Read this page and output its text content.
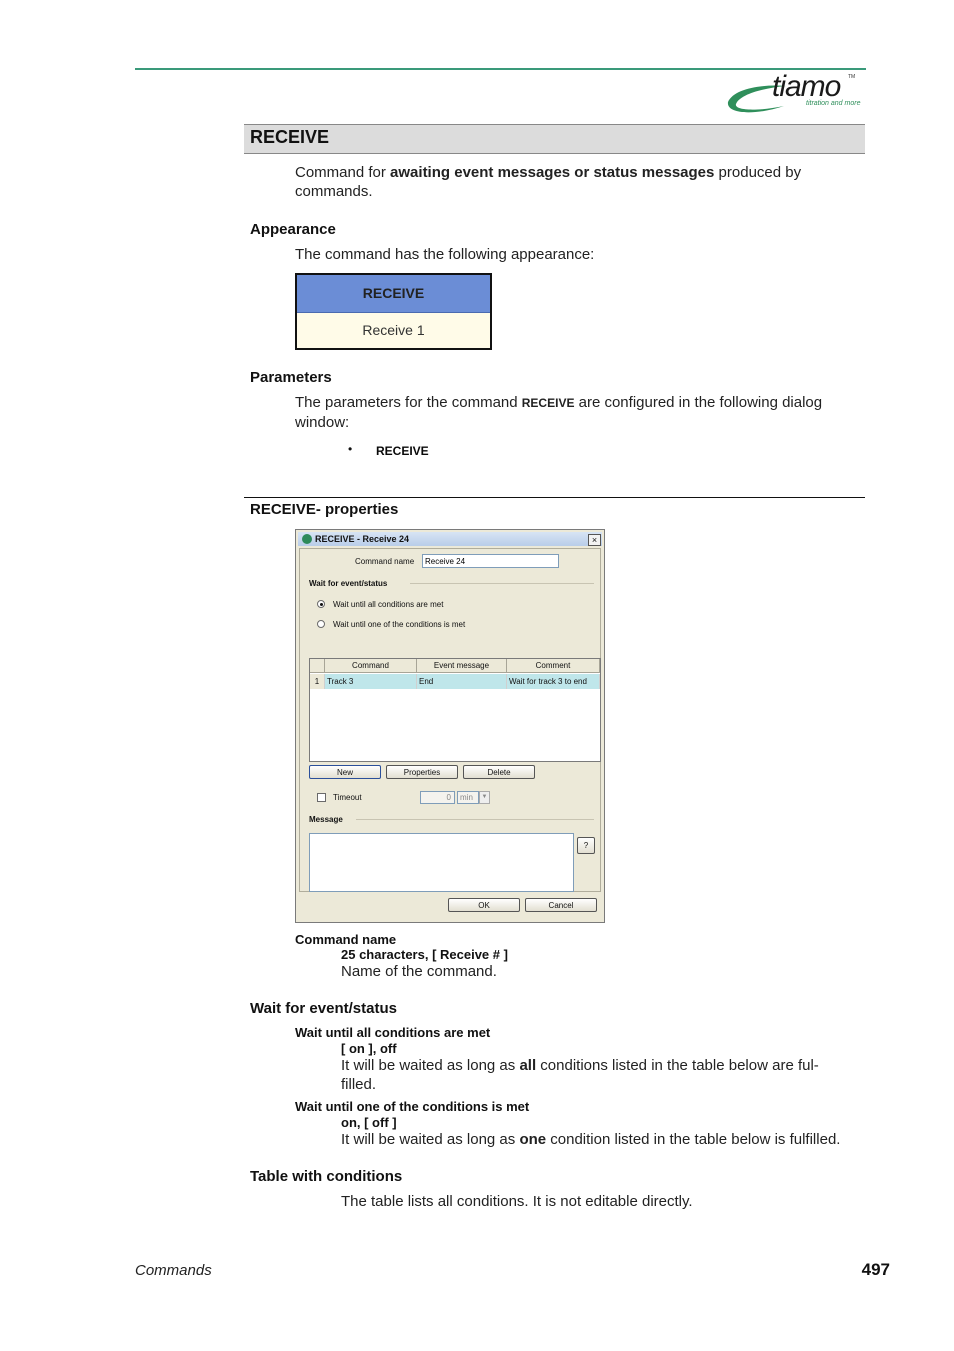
tiamo TM
titration and more
RECEIVE
Command for awaiting event messages or status messages produced by
commands.
Appearance
The command has the following appearance:
RECEIVE
Receive 1
Parameters
The parameters for the command RECEIVE are configured in the following dialog
window:
• RECEIVE
RECEIVE- properties
RECEIVE - Receive 24	×
Command name
Receive 24
Wait for event/status
Wait until all conditions are met
Wait until one of the conditions is met
Command	Event message	Comment
1 Track 3	End	Wait for track 3 to end
New	Properties	Delete
Timeout	0	min	▼
Message
?
OK	Cancel
Command name
25 characters, [ Receive # ]
Name of the command.
Wait for event/status
Wait until all conditions are met
[ on ], off
It will be waited as long as all conditions listed in the table below are ful-
filled.
Wait until one of the conditions is met
on, [ off ]
It will be waited as long as one condition listed in the table below is fulfilled.
Table with conditions
The table lists all conditions. It is not editable directly.
Commands	497
